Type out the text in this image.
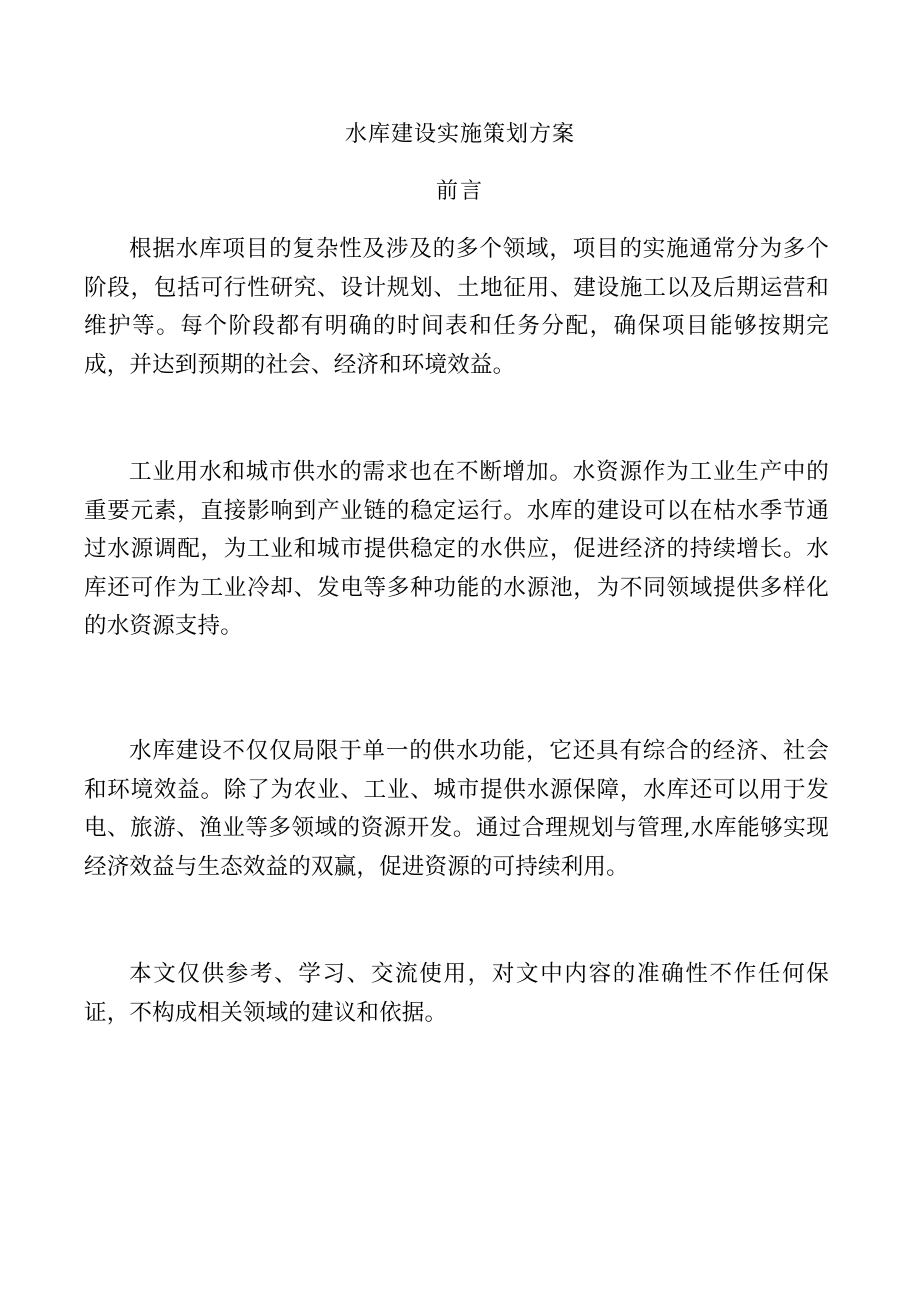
水库建设实施策划方案
前言

根据水库项目的复杂性及涉及的多个领域，项目的实施通常分为多个阶段，包括可行性研究、设计规划、土地征用、建设施工以及后期运营和维护等。每个阶段都有明确的时间表和任务分配，确保项目能够按期完成，并达到预期的社会、经济和环境效益。

工业用水和城市供水的需求也在不断增加。水资源作为工业生产中的重要元素，直接影响到产业链的稳定运行。水库的建设可以在枯水季节通过水源调配，为工业和城市提供稳定的水供应，促进经济的持续增长。水库还可作为工业冷却、发电等多种功能的水源池，为不同领域提供多样化的水资源支持。

水库建设不仅仅局限于单一的供水功能，它还具有综合的经济、社会和环境效益。除了为农业、工业、城市提供水源保障，水库还可以用于发电、旅游、渔业等多领域的资源开发。通过合理规划与管理,水库能够实现经济效益与生态效益的双赢，促进资源的可持续利用。

本文仅供参考、学习、交流使用，对文中内容的准确性不作任何保证，不构成相关领域的建议和依据。
